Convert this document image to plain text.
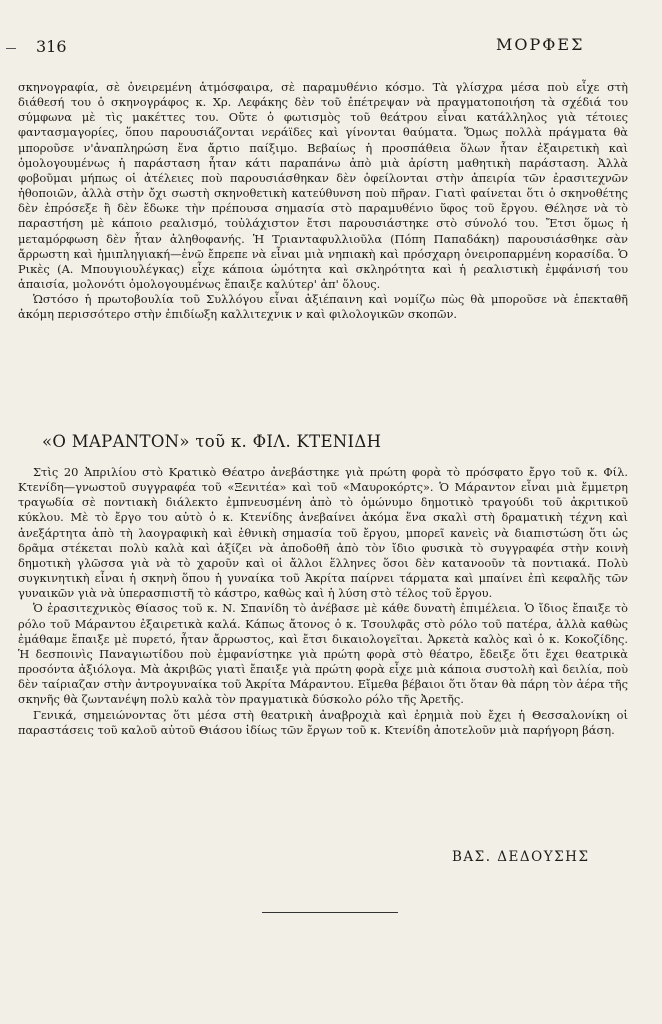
316	ΜΟΡΦΕΣ

σκηνογραφία, σὲ ὀνειρεμένη ἀτμόσφαιρα, σὲ παραμυθένιο κόσμο. Τὰ γλίσχρα μέσα ποὺ εἶχε στὴ διάθεσή του ὁ σκηνογράφος κ. Χρ. Λεφάκης δὲν τοῦ ἐπέτρεψαν νὰ πραγματοποιήση τὰ σχέδιά του σύμφωνα μὲ τὶς μακέττες του. Οὔτε ὁ φωτισμὸς τοῦ θεάτρου εἶναι κατάλληλος γιὰ τέτοιες φαντασμαγορίες, ὅπου παρουσιάζονται νεράϊδες καὶ γίνονται θαύματα. Ὅμως πολλὰ πράγματα θὰ μποροῦσε ν'ἀναπληρώση ἕνα ἄρτιο παίξιμο. Βεβαίως ἡ προσπάθεια ὅλων ἦταν ἐξαιρετικὴ καὶ ὁμολογουμένως ἡ παράσταση ἦταν κάτι παραπάνω ἀπὸ μιὰ ἀρίστη μαθητικὴ παράσταση. Ἀλλὰ φοβοῦμαι μήπως οἱ ἀτέλειες ποὺ παρουσιάσθηκαν δὲν ὀφείλονται στὴν ἀπειρία τῶν ἐρασιτεχνῶν ἠθοποιῶν, ἀλλὰ στὴν ὄχι σωστὴ σκηνοθετικὴ κατεύθυνση ποὺ πῆραν. Γιατὶ φαίνεται ὅτι ὁ σκηνοθέτης δὲν ἐπρόσεξε ἢ δὲν ἔδωκε τὴν πρέπουσα σημασία στὸ παραμυθένιο ὕφος τοῦ ἔργου. Θέλησε νὰ τὸ παραστήση μὲ κάποιο ρεαλισμό, τοὐλάχιστον ἔτσι παρουσιάστηκε στὸ σύνολό του. Ἔτσι ὅμως ἡ μεταμόρφωση δὲν ἦταν ἀληθοφανής. Ἡ Τριανταφυλλιοῦλα (Πόπη Παπαδάκη) παρουσιάσθηκε σὰν ἄρρωστη καὶ ἡμιπληγιακή—ἐνῶ ἔπρεπε νὰ εἶναι μιὰ νηπιακὴ καὶ πρόσχαρη ὀνειροπαρμένη κορασίδα. Ὁ Ρικὲς (Α. Μπουγιουλέγκας) εἶχε κάποια ὠμότητα καὶ σκληρότητα καὶ ἡ ρεαλιστικὴ ἐμφάνισή του ἀπαισία, μολονότι ὁμολογουμένως ἔπαιξε καλύτερ' ἀπ' ὅλους.

Ὡστόσο ἡ πρωτοβουλία τοῦ Συλλόγου εἶναι ἀξιέπαινη καὶ νομίζω πὼς θὰ μποροῦσε νὰ ἐπεκταθῆ ἀκόμη περισσότερο στὴν ἐπιδίωξη καλλιτεχνικ ν καὶ φιλολογικῶν σκοπῶν.

«Ο ΜΑΡΑΝΤΟΝ» τοῦ κ. ΦΙΛ. ΚΤΕΝΙΔΗ

Στὶς 20 Ἀπριλίου στὸ Κρατικὸ Θέατρο ἀνεβάστηκε γιὰ πρώτη φορὰ τὸ πρόσφατο ἔργο τοῦ κ. Φίλ. Κτενίδη—γνωστοῦ συγγραφέα τοῦ «Ξενιτέα» καὶ τοῦ «Μαυροκόρτς». Ὁ Μάραντον εἶναι μιὰ ἔμμετρη τραγωδία σὲ ποντιακὴ διάλεκτο ἐμπνευσμένη ἀπὸ τὸ ὁμώνυμο δημοτικὸ τραγούδι τοῦ ἀκριτικοῦ κύκλου. Μὲ τὸ ἔργο του αὐτὸ ὁ κ. Κτενίδης ἀνεβαίνει ἀκόμα ἕνα σκαλὶ στὴ δραματικὴ τέχνη καὶ ἀνεξάρτητα ἀπὸ τὴ λαογραφικὴ καὶ ἐθνικὴ σημασία τοῦ ἔργου, μπορεῖ κανεὶς νὰ διαπιστώση ὅτι ὡς δρᾶμα στέκεται πολὺ καλὰ καὶ ἀξίζει νὰ ἀποδοθῆ ἀπὸ τὸν ἴδιο φυσικὰ τὸ συγγραφέα στὴν κοινὴ δημοτικὴ γλῶσσα γιὰ νὰ τὸ χαροῦν καὶ οἱ ἄλλοι ἕλληνες ὅσοι δὲν κατανοοῦν τὰ ποντιακά. Πολὺ συγκινητικὴ εἶναι ἡ σκηνὴ ὅπου ἡ γυναίκα τοῦ Ἀκρίτα παίρνει τάρματα καὶ μπαίνει ἐπὶ κεφαλῆς τῶν γυναικῶν γιὰ νὰ ὑπερασπιστῆ τὸ κάστρο, καθὼς καὶ ἡ λύση στὸ τέλος τοῦ ἔργου.

Ὁ ἐρασιτεχνικὸς Θίασος τοῦ κ. Ν. Σπανίδη τὸ ἀνέβασε μὲ κάθε δυνατὴ ἐπιμέλεια. Ὁ ἴδιος ἔπαιξε τὸ ρόλο τοῦ Μάραντου ἐξαιρετικὰ καλά. Κάπως ἄτονος ὁ κ. Τσουλφᾶς στὸ ρόλο τοῦ πατέρα, ἀλλὰ καθὼς ἐμάθαμε ἔπαιξε μὲ πυρετό, ἦταν ἄρρωστος, καὶ ἔτσι δικαιολογεῖται. Ἀρκετὰ καλὸς καὶ ὁ κ. Κοκοζίδης. Ἡ δεσποινὶς Παναγιωτίδου ποὺ ἐμφανίστηκε γιὰ πρώτη φορὰ στὸ θέατρο, ἔδειξε ὅτι ἔχει θεατρικὰ προσόντα ἀξιόλογα. Μὰ ἀκριβῶς γιατὶ ἔπαιξε γιὰ πρώτη φορὰ εἶχε μιὰ κάποια συστολὴ καὶ δειλία, ποὺ δὲν ταίριαζαν στὴν ἀντρογυναίκα τοῦ Ἀκρίτα Μάραντου. Εἴμεθα βέβαιοι ὅτι ὅταν θὰ πάρη τὸν ἀέρα τῆς σκηνῆς θὰ ζωντανέψη πολὺ καλὰ τὸν πραγματικὰ δύσκολο ρόλο τῆς Ἀρετῆς.

Γενικά, σημειώνοντας ὅτι μέσα στὴ θεατρικὴ ἀναβροχιὰ καὶ ἐρημιὰ ποὺ ἔχει ἡ Θεσσαλονίκη οἱ παραστάσεις τοῦ καλοῦ αὐτοῦ Θιάσου ἰδίως τῶν ἔργων τοῦ κ. Κτενίδη ἀποτελοῦν μιὰ παρήγορη βάση.

ΒΑΣ. ΔΕΔΟΥΣΗΣ
